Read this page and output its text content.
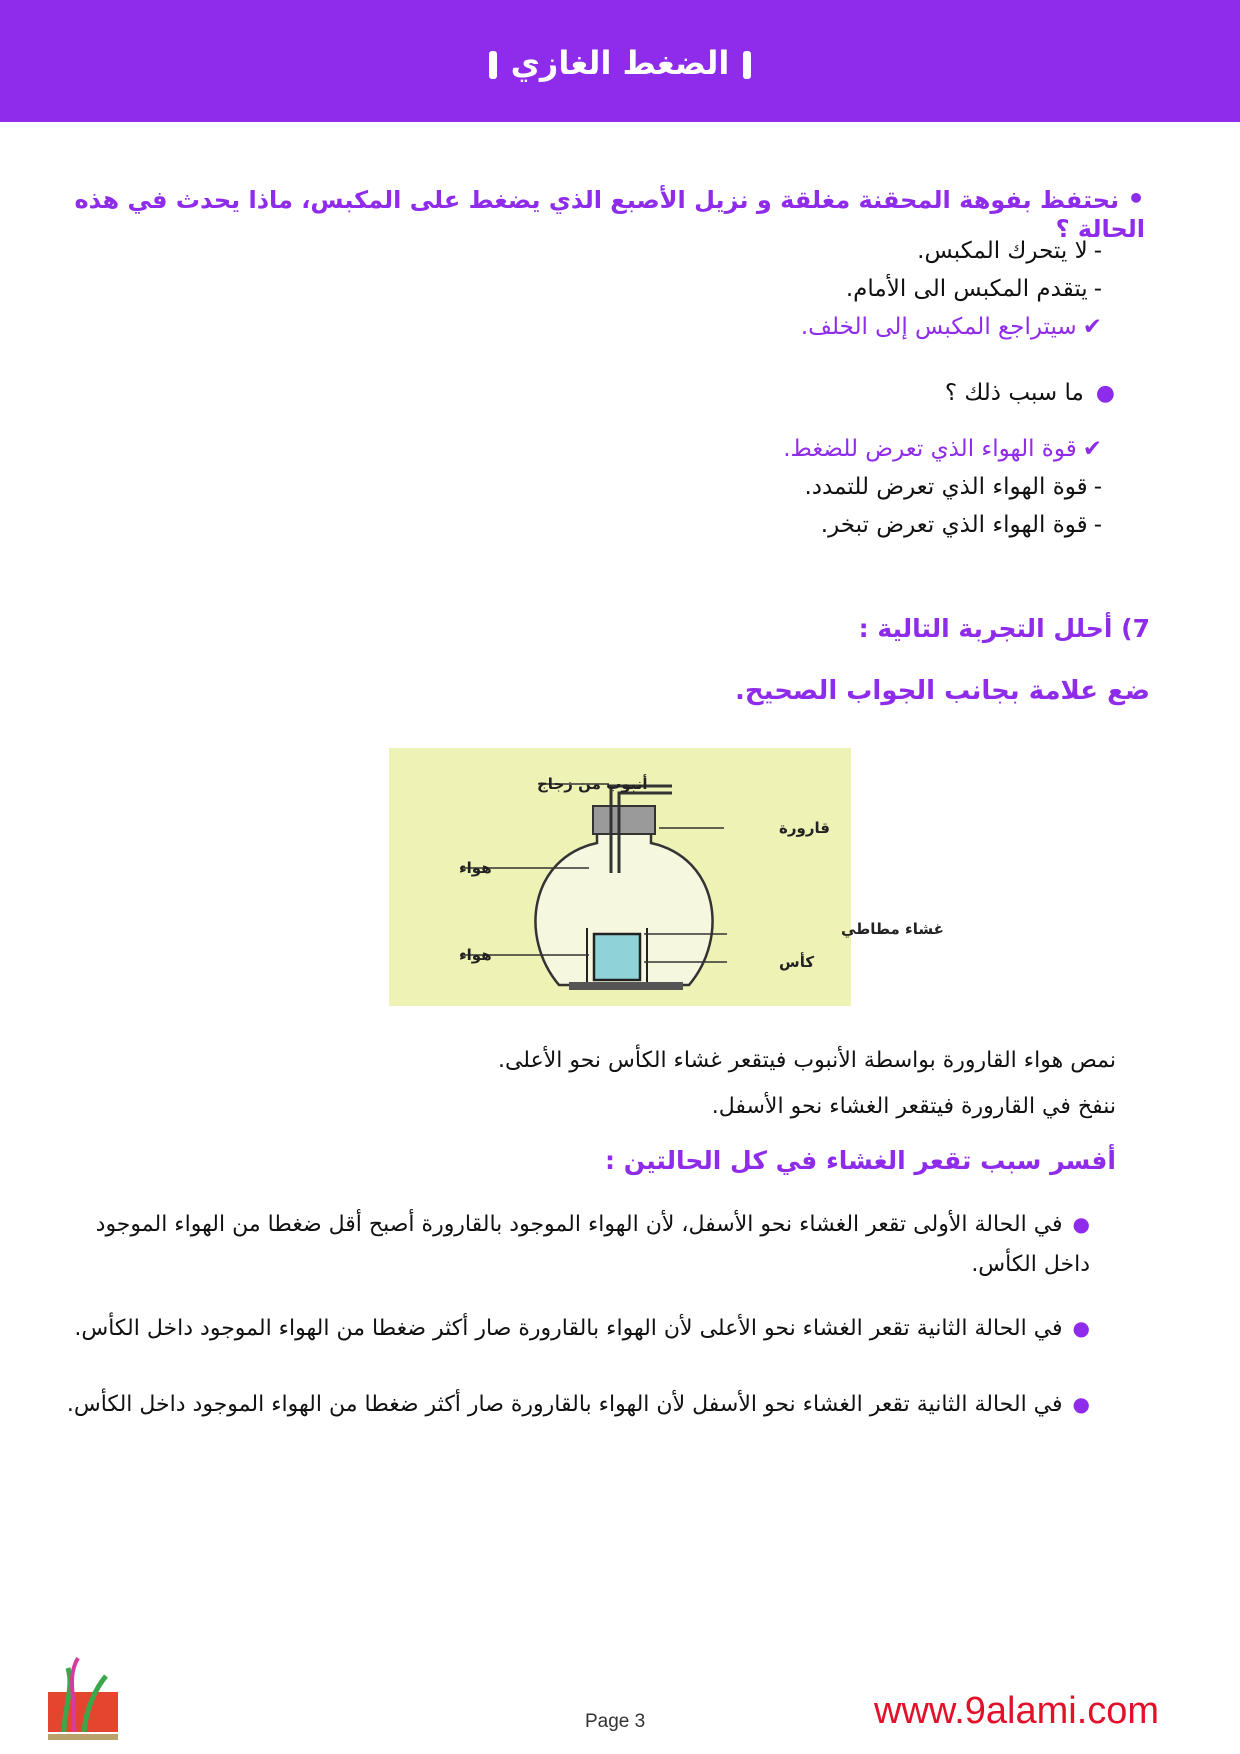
الضغط الغازي
•نحتفظ بفوهة المحقنة مغلقة و نزيل الأصبع الذي يضغط على المكبس، ماذا يحدث في هذه الحالة ؟
-لا يتحرك المكبس.
-يتقدم المكبس الى الأمام.
✔سيتراجع المكبس إلى الخلف.
●ما سبب ذلك ؟
✔قوة الهواء الذي تعرض للضغط.
-قوة الهواء الذي تعرض للتمدد.
-قوة الهواء الذي تعرض تبخر.
7) أحلل التجربة التالية :
ضع علامة بجانب الجواب الصحيح.
أنبوب من زجاج
قارورة
هواء
غشاء مطاطي
هواء	كأس
نمص هواء القارورة بواسطة الأنبوب فيتقعر غشاء الكأس نحو الأعلى.
ننفخ في القارورة فيتقعر الغشاء نحو الأسفل.
أفسر سبب تقعر الغشاء في كل الحالتين :
●في الحالة الأولى تقعر الغشاء نحو الأسفل، لأن الهواء الموجود بالقارورة أصبح أقل ضغطا من الهواء الموجود داخل الكأس.
●في الحالة الثانية تقعر الغشاء نحو الأعلى لأن الهواء بالقارورة صار أكثر ضغطا من الهواء الموجود داخل الكأس.
●في الحالة الثانية تقعر الغشاء نحو الأسفل لأن الهواء بالقارورة صار أكثر ضغطا من الهواء الموجود داخل الكأس.
Page 3	www.9alami.com
